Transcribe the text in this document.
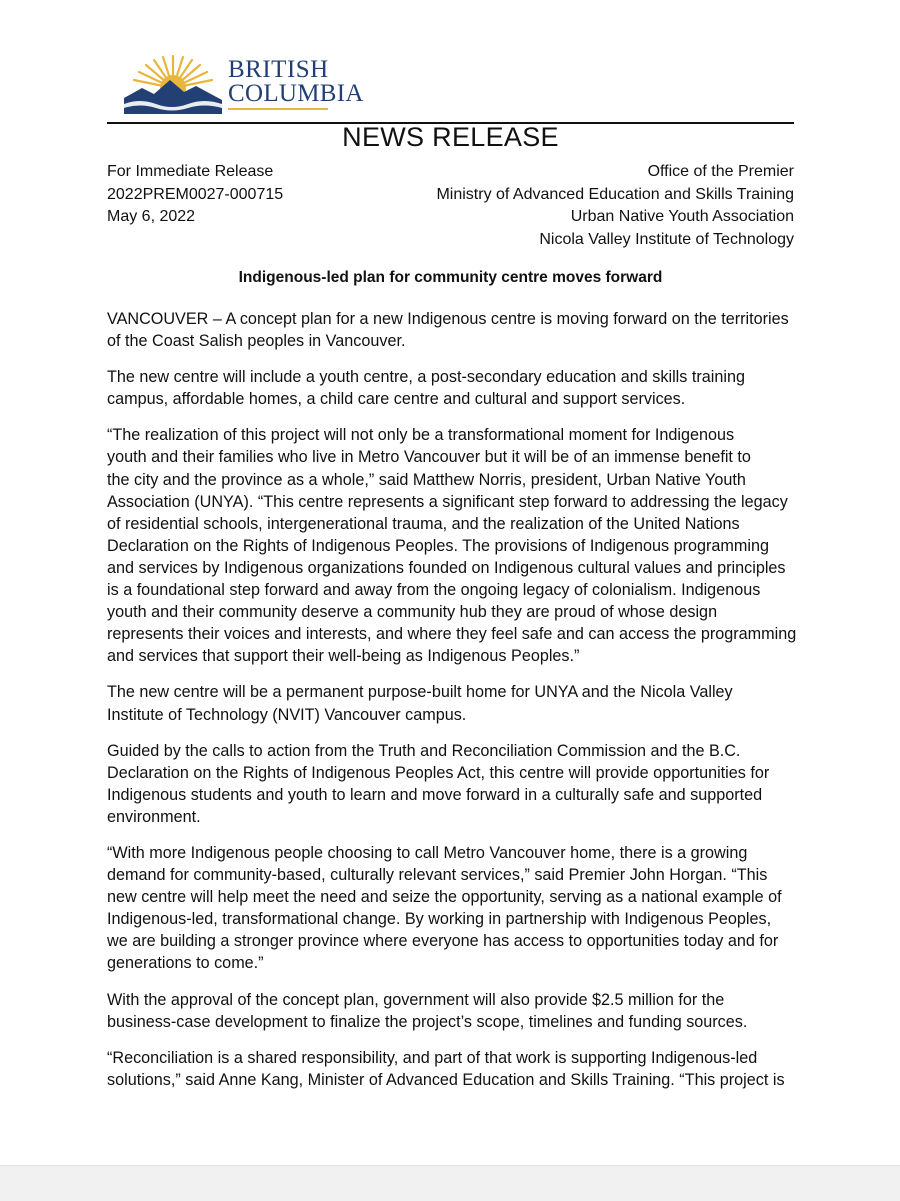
BRITISH
COLUMBIA
NEWS RELEASE
For Immediate Release
2022PREM0027-000715
May 6, 2022
Office of the Premier
Ministry of Advanced Education and Skills Training
Urban Native Youth Association
Nicola Valley Institute of Technology
Indigenous-led plan for community centre moves forward

VANCOUVER – A concept plan for a new Indigenous centre is moving forward on the territories
of the Coast Salish peoples in Vancouver.

The new centre will include a youth centre, a post-secondary education and skills training
campus, affordable homes, a child care centre and cultural and support services.

“The realization of this project will not only be a transformational moment for Indigenous
youth and their families who live in Metro Vancouver but it will be of an immense benefit to
the city and the province as a whole,” said Matthew Norris, president, Urban Native Youth
Association (UNYA). “This centre represents a significant step forward to addressing the legacy
of residential schools, intergenerational trauma, and the realization of the United Nations
Declaration on the Rights of Indigenous Peoples. The provisions of Indigenous programming
and services by Indigenous organizations founded on Indigenous cultural values and principles
is a foundational step forward and away from the ongoing legacy of colonialism. Indigenous
youth and their community deserve a community hub they are proud of whose design
represents their voices and interests, and where they feel safe and can access the programming
and services that support their well-being as Indigenous Peoples.”

The new centre will be a permanent purpose-built home for UNYA and the Nicola Valley
Institute of Technology (NVIT) Vancouver campus.

Guided by the calls to action from the Truth and Reconciliation Commission and the B.C.
Declaration on the Rights of Indigenous Peoples Act, this centre will provide opportunities for
Indigenous students and youth to learn and move forward in a culturally safe and supported
environment.

“With more Indigenous people choosing to call Metro Vancouver home, there is a growing
demand for community-based, culturally relevant services,” said Premier John Horgan. “This
new centre will help meet the need and seize the opportunity, serving as a national example of
Indigenous-led, transformational change. By working in partnership with Indigenous Peoples,
we are building a stronger province where everyone has access to opportunities today and for
generations to come.”

With the approval of the concept plan, government will also provide $2.5 million for the
business-case development to finalize the project’s scope, timelines and funding sources.

“Reconciliation is a shared responsibility, and part of that work is supporting Indigenous-led
solutions,” said Anne Kang, Minister of Advanced Education and Skills Training. “This project is
